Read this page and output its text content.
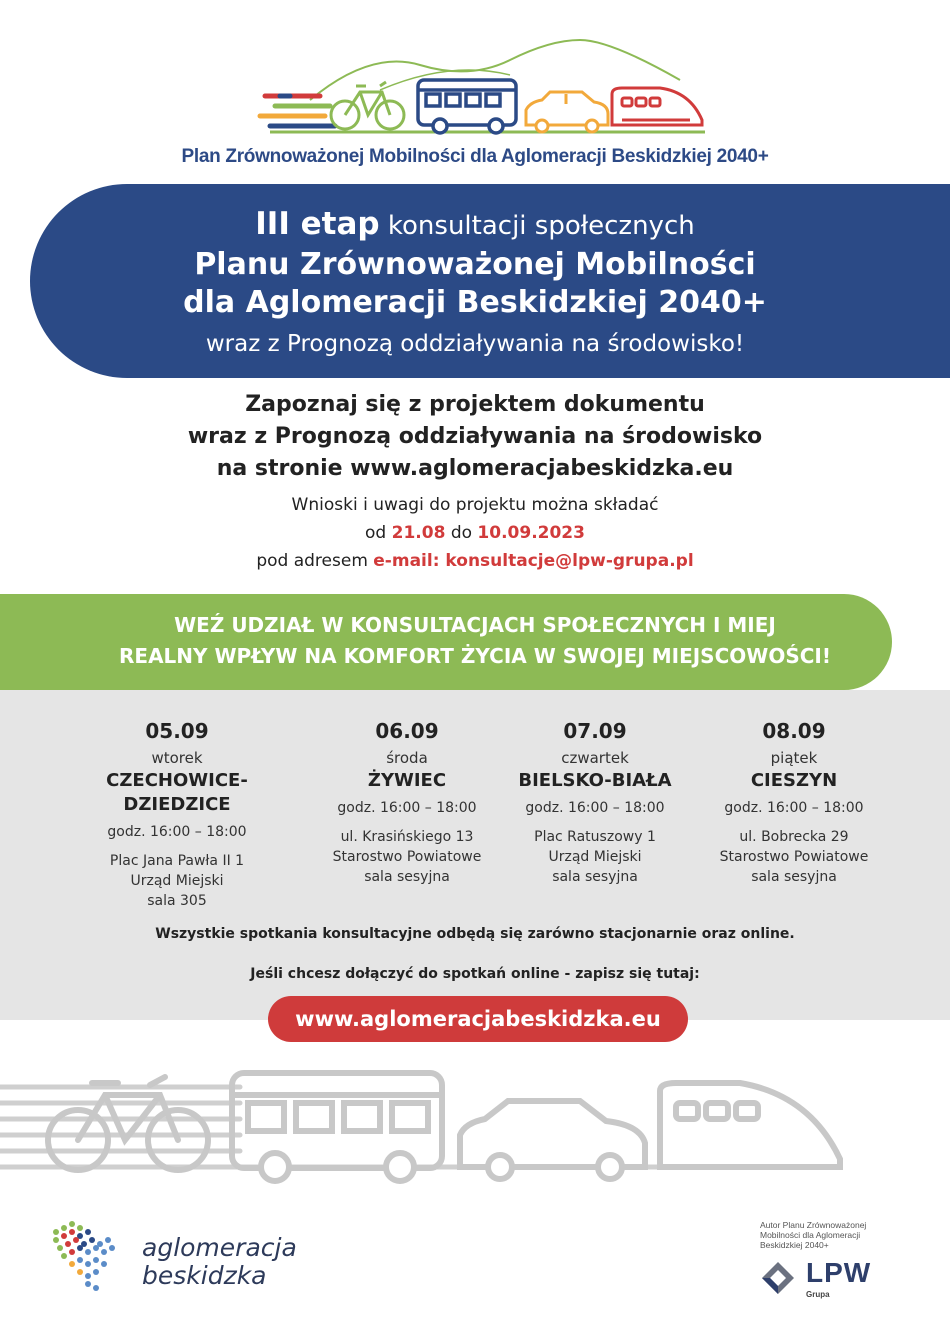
Plan Zrównoważonej Mobilności dla Aglomeracji Beskidzkiej 2040+
III etap konsultacji społecznych
Planu Zrównoważonej Mobilności
dla Aglomeracji Beskidzkiej 2040+
wraz z Prognozą oddziaływania na środowisko!
Zapoznaj się z projektem dokumentu
wraz z Prognozą oddziaływania na środowisko
na stronie www.aglomeracjabeskidzka.eu
Wnioski i uwagi do projektu można składać
od 21.08 do 10.09.2023
pod adresem e-mail: konsultacje@lpw-grupa.pl
WEŹ UDZIAŁ W KONSULTACJACH SPOŁECZNYCH I MIEJ
REALNY WPŁYW NA KOMFORT ŻYCIA W SWOJEJ MIEJSCOWOŚCI!
05.09
wtorek
CZECHOWICE-DZIEDZICE
godz. 16:00 – 18:00
Plac Jana Pawła II 1
Urząd Miejski
sala 305
06.09
środa
ŻYWIEC
godz. 16:00 – 18:00
ul. Krasińskiego 13
Starostwo Powiatowe
sala sesyjna
07.09
czwartek
BIELSKO-BIAŁA
godz. 16:00 – 18:00
Plac Ratuszowy 1
Urząd Miejski
sala sesyjna
08.09
piątek
CIESZYN
godz. 16:00 – 18:00
ul. Bobrecka 29
Starostwo Powiatowe
sala sesyjna
Wszystkie spotkania konsultacyjne odbędą się zarówno stacjonarnie oraz online.
Jeśli chcesz dołączyć do spotkań online - zapisz się tutaj:
www.aglomeracjabeskidzka.eu
aglomeracja
beskidzka
Autor Planu Zrównoważonej
Mobilności dla Aglomeracji
Beskidzkiej 2040+
LPW
Grupa
